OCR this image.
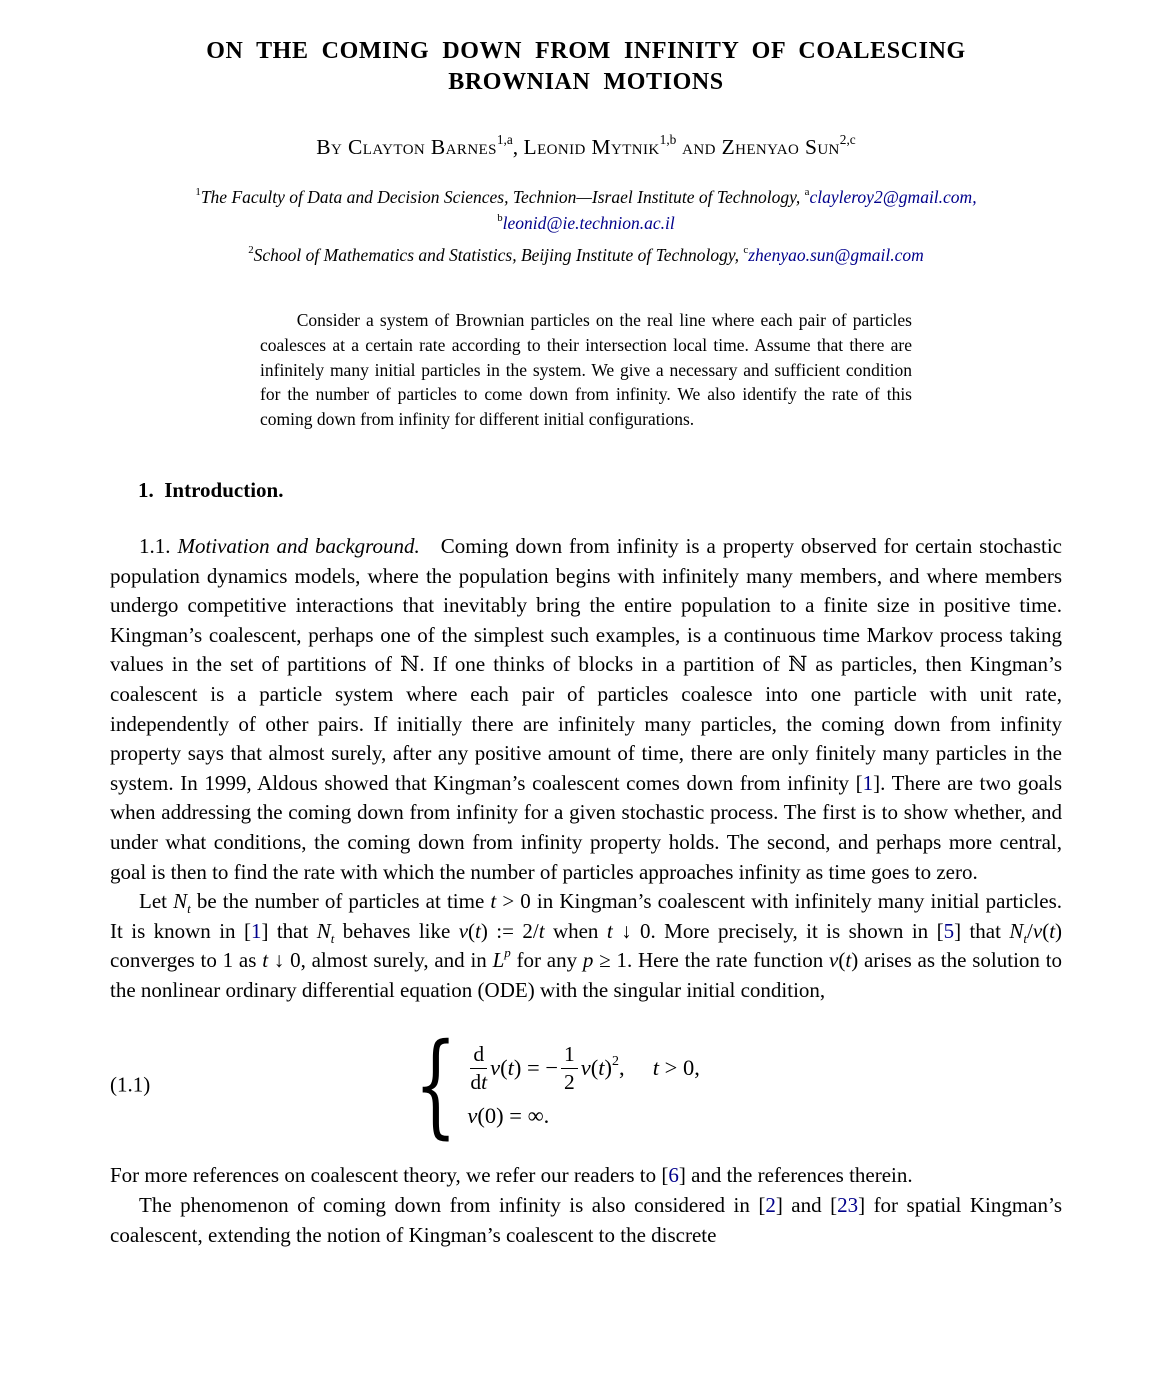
ON THE COMING DOWN FROM INFINITY OF COALESCING
BROWNIAN MOTIONS
By Clayton Barnes$^{1,a}$, Leonid Mytnik$^{1,b}$ and Zhenyao Sun$^{2,c}$
$^1$The Faculty of Data and Decision Sciences, Technion—Israel Institute of Technology, $^a$clayleroy2@gmail.com,
$^b$leonid@ie.technion.ac.il
$^2$School of Mathematics and Statistics, Beijing Institute of Technology, $^c$zhenyao.sun@gmail.com
Consider a system of Brownian particles on the real line where each pair of particles coalesces at a certain rate according to their intersection local time. Assume that there are infinitely many initial particles in the system. We give a necessary and sufficient condition for the number of particles to come down from infinity. We also identify the rate of this coming down from infinity for different initial configurations.
1. Introduction.

1.1. Motivation and background. Coming down from infinity is a property observed for certain stochastic population dynamics models, where the population begins with infinitely many members, and where members undergo competitive interactions that inevitably bring the entire population to a finite size in positive time. Kingman’s coalescent, perhaps one of the simplest such examples, is a continuous time Markov process taking values in the set of partitions of ℕ. If one thinks of blocks in a partition of ℕ as particles, then Kingman’s coalescent is a particle system where each pair of particles coalesce into one particle with unit rate, independently of other pairs. If initially there are infinitely many particles, the coming down from infinity property says that almost surely, after any positive amount of time, there are only finitely many particles in the system. In 1999, Aldous showed that Kingman’s coalescent comes down from infinity [1]. There are two goals when addressing the coming down from infinity for a given stochastic process. The first is to show whether, and under what conditions, the coming down from infinity property holds. The second, and perhaps more central, goal is then to find the rate with which the number of particles approaches infinity as time goes to zero.

Let $N_t$ be the number of particles at time t > 0 in Kingman’s coalescent with infinitely many initial particles. It is known in [1] that $N_t$ behaves like v(t) := 2/t when t ↓ 0. More precisely, it is shown in [5] that $N_t/v(t)$ converges to 1 as t ↓ 0, almost surely, and in $L^p$ for any p ≥ 1. Here the rate function v(t) arises as the solution to the nonlinear ordinary differential equation (ODE) with the singular initial condition,

(1.1) { $\frac{d}{dt}$ v ( t ) = − $\frac{1}{2}$ v ( t )$^2$ ,  t > 0,
v (0) = ∞.

For more references on coalescent theory, we refer our readers to [6] and the references therein.

The phenomenon of coming down from infinity is also considered in [2] and [23] for spatial Kingman’s coalescent, extending the notion of Kingman’s coalescent to the discrete
